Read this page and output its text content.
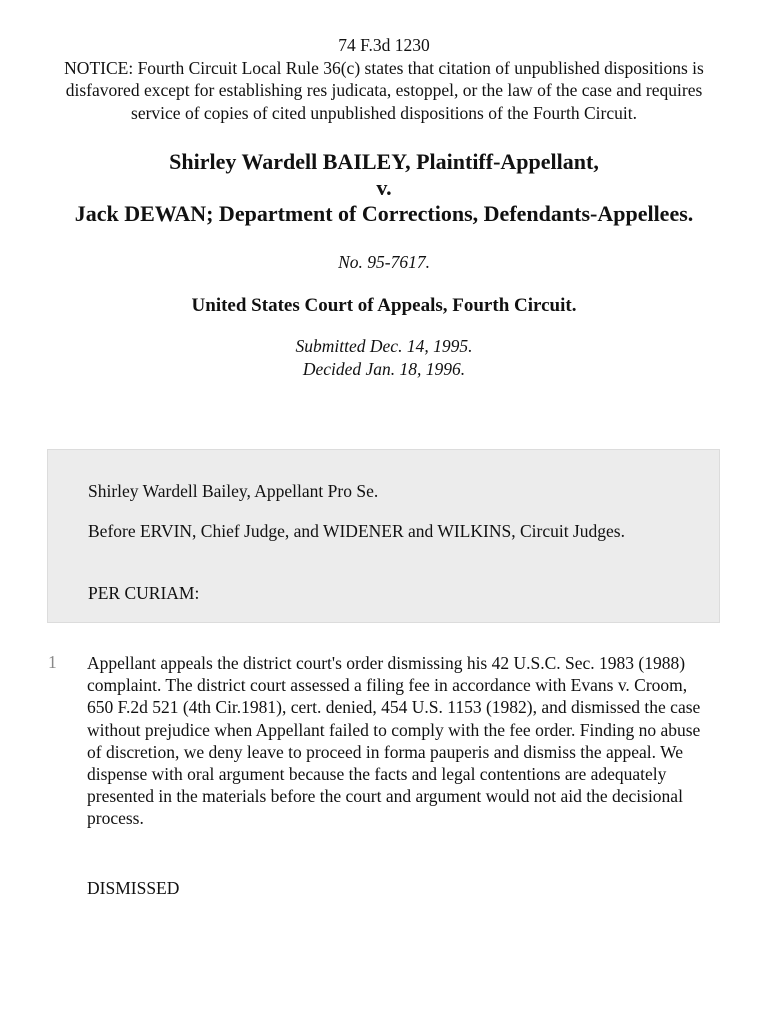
74 F.3d 1230
NOTICE: Fourth Circuit Local Rule 36(c) states that citation of unpublished dispositions is disfavored except for establishing res judicata, estoppel, or the law of the case and requires service of copies of cited unpublished dispositions of the Fourth Circuit.
Shirley Wardell BAILEY, Plaintiff-Appellant,
v.
Jack DEWAN; Department of Corrections, Defendants-Appellees.
No. 95-7617.
United States Court of Appeals, Fourth Circuit.
Submitted Dec. 14, 1995.
Decided Jan. 18, 1996.

Shirley Wardell Bailey, Appellant Pro Se.

Before ERVIN, Chief Judge, and WIDENER and WILKINS, Circuit Judges.

PER CURIAM:

1 Appellant appeals the district court's order dismissing his 42 U.S.C. Sec. 1983 (1988) complaint. The district court assessed a filing fee in accordance with Evans v. Croom, 650 F.2d 521 (4th Cir.1981), cert. denied, 454 U.S. 1153 (1982), and dismissed the case without prejudice when Appellant failed to comply with the fee order. Finding no abuse of discretion, we deny leave to proceed in forma pauperis and dismiss the appeal. We dispense with oral argument because the facts and legal contentions are adequately presented in the materials before the court and argument would not aid the decisional process.
DISMISSED
